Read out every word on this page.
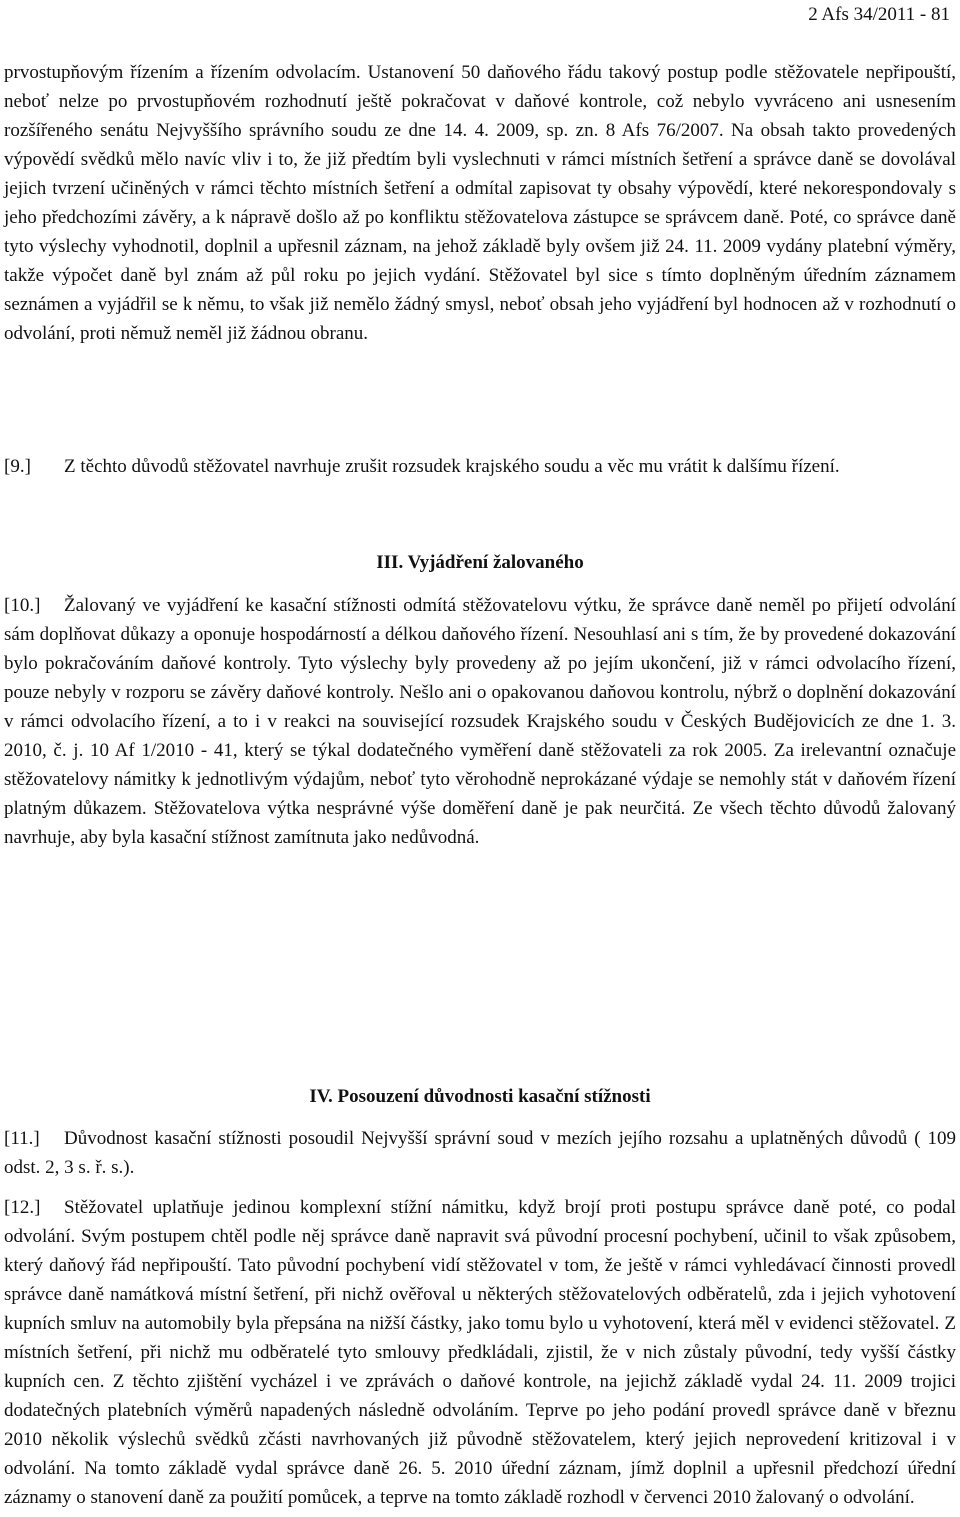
2 Afs 34/2011 - 81

prvostupňovým řízením a řízením odvolacím. Ustanovení 50 daňového řádu takový postup podle stěžovatele nepřipouští, neboť nelze po prvostupňovém rozhodnutí ještě pokračovat v daňové kontrole, což nebylo vyvráceno ani usnesením rozšířeného senátu Nejvyššího správního soudu ze dne 14. 4. 2009, sp. zn. 8 Afs 76/2007. Na obsah takto provedených výpovědí svědků mělo navíc vliv i to, že již předtím byli vyslechnuti v rámci místních šetření a správce daně se dovolával jejich tvrzení učiněných v rámci těchto místních šetření a odmítal zapisovat ty obsahy výpovědí, které nekorespondovaly s jeho předchozími závěry, a k nápravě došlo až po konfliktu stěžovatelova zástupce se správcem daně. Poté, co správce daně tyto výslechy vyhodnotil, doplnil a upřesnil záznam, na jehož základě byly ovšem již 24. 11. 2009 vydány platební výměry, takže výpočet daně byl znám až půl roku po jejich vydání. Stěžovatel byl sice s tímto doplněným úředním záznamem seznámen a vyjádřil se k němu, to však již nemělo žádný smysl, neboť obsah jeho vyjádření byl hodnocen až v rozhodnutí o odvolání, proti němuž neměl již žádnou obranu.

[9.] Z těchto důvodů stěžovatel navrhuje zrušit rozsudek krajského soudu a věc mu vrátit k dalšímu řízení.

III. Vyjádření žalovaného

[10.] Žalovaný ve vyjádření ke kasační stížnosti odmítá stěžovatelovu výtku, že správce daně neměl po přijetí odvolání sám doplňovat důkazy a oponuje hospodárností a délkou daňového řízení. Nesouhlasí ani s tím, že by provedené dokazování bylo pokračováním daňové kontroly. Tyto výslechy byly provedeny až po jejím ukončení, již v rámci odvolacího řízení, pouze nebyly v rozporu se závěry daňové kontroly. Nešlo ani o opakovanou daňovou kontrolu, nýbrž o doplnění dokazování v rámci odvolacího řízení, a to i v reakci na související rozsudek Krajského soudu v Českých Budějovicích ze dne 1. 3. 2010, č. j. 10 Af 1/2010 - 41, který se týkal dodatečného vyměření daně stěžovateli za rok 2005. Za irelevantní označuje stěžovatelovy námitky k jednotlivým výdajům, neboť tyto věrohodně neprokázané výdaje se nemohly stát v daňovém řízení platným důkazem. Stěžovatelova výtka nesprávné výše doměření daně je pak neurčitá. Ze všech těchto důvodů žalovaný navrhuje, aby byla kasační stížnost zamítnuta jako nedůvodná.

IV. Posouzení důvodnosti kasační stížnosti

[11.] Důvodnost kasační stížnosti posoudil Nejvyšší správní soud v mezích jejího rozsahu a uplatněných důvodů ( 109 odst. 2, 3 s. ř. s.).

[12.] Stěžovatel uplatňuje jedinou komplexní stížní námitku, když brojí proti postupu správce daně poté, co podal odvolání. Svým postupem chtěl podle něj správce daně napravit svá původní procesní pochybení, učinil to však způsobem, který daňový řád nepřipouští. Tato původní pochybení vidí stěžovatel v tom, že ještě v rámci vyhledávací činnosti provedl správce daně namátková místní šetření, při nichž ověřoval u některých stěžovatelových odběratelů, zda i jejich vyhotovení kupních smluv na automobily byla přepsána na nižší částky, jako tomu bylo u vyhotovení, která měl v evidenci stěžovatel. Z místních šetření, při nichž mu odběratelé tyto smlouvy předkládali, zjistil, že v nich zůstaly původní, tedy vyšší částky kupních cen. Z těchto zjištění vycházel i ve zprávách o daňové kontrole, na jejichž základě vydal 24. 11. 2009 trojici dodatečných platebních výměrů napadených následně odvoláním. Teprve po jeho podání provedl správce daně v březnu 2010 několik výslechů svědků zčásti navrhovaných již původně stěžovatelem, který jejich neprovedení kritizoval i v odvolání. Na tomto základě vydal správce daně 26. 5. 2010 úřední záznam, jímž doplnil a upřesnil předchozí úřední záznamy o stanovení daně za použití pomůcek, a teprve na tomto základě rozhodl v červenci 2010 žalovaný o odvolání.
